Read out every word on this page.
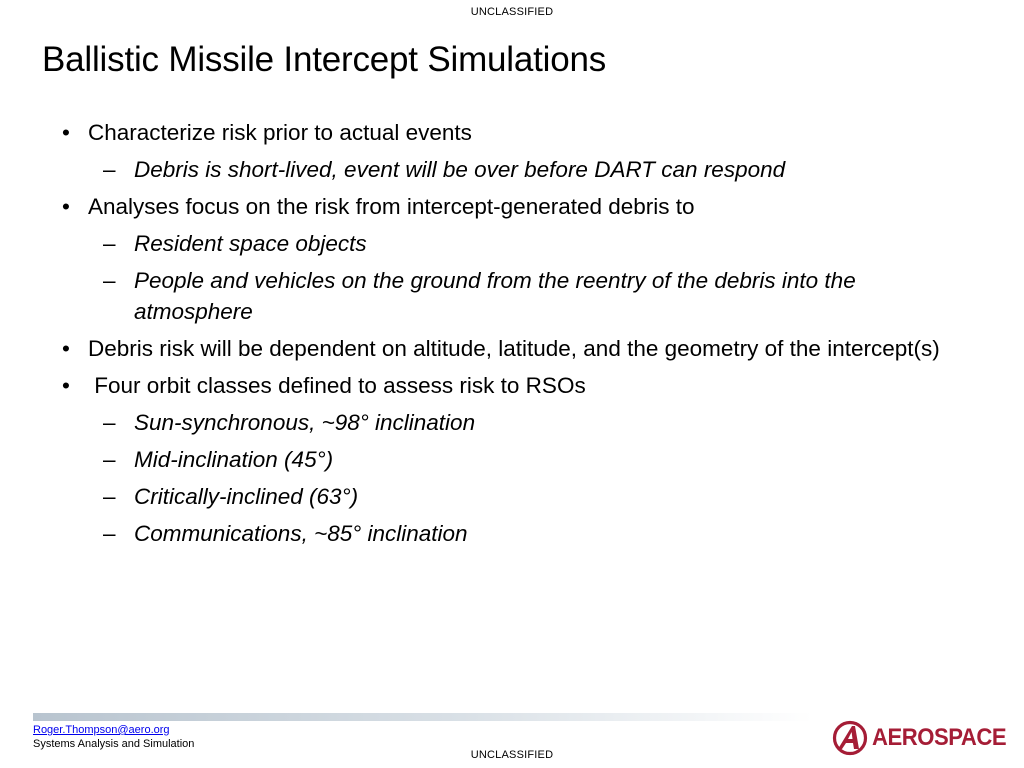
UNCLASSIFIED
Ballistic Missile Intercept Simulations
• Characterize risk prior to actual events
– Debris is short-lived, event will be over before DART can respond
• Analyses focus on the risk from intercept-generated debris to
– Resident space objects
– People and vehicles on the ground from the reentry of the debris into the atmosphere
• Debris risk will be dependent on altitude, latitude, and the geometry of the intercept(s)
• Four orbit classes defined to assess risk to RSOs
– Sun-synchronous, ~98° inclination
– Mid-inclination (45°)
– Critically-inclined (63°)
– Communications, ~85° inclination
Roger.Thompson@aero.org
Systems Analysis and Simulation	AEROSPACE
UNCLASSIFIED
